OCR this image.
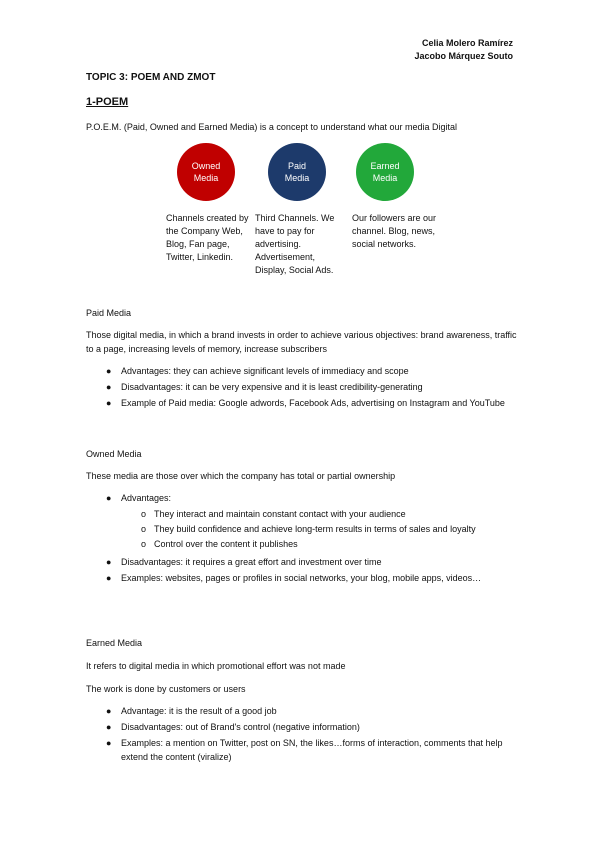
Celia Molero Ramírez
Jacobo Márquez Souto
TOPIC 3: POEM AND ZMOT
1-POEM
P.O.E.M. (Paid, Owned and Earned Media) is a concept to understand what our media Digital
Owned
Media
Paid
Media
Earned
Media
Channels created by the Company Web, Blog, Fan page, Twitter, Linkedin.
Third Channels. We have to pay for advertising. Advertisement, Display, Social Ads.
Our followers are our channel. Blog, news, social networks.
Paid Media
Those digital media, in which a brand invests in order to achieve various objectives: brand awareness, traffic to a page, increasing levels of memory, increase subscribers
● Advantages: they can achieve significant levels of immediacy and scope
● Disadvantages: it can be very expensive and it is least credibility-generating
● Example of Paid media: Google adwords, Facebook Ads, advertising on Instagram and YouTube
Owned Media
These media are those over which the company has total or partial ownership
● Advantages:
o They interact and maintain constant contact with your audience
o They build confidence and achieve long-term results in terms of sales and loyalty
o Control over the content it publishes
● Disadvantages: it requires a great effort and investment over time
● Examples: websites, pages or profiles in social networks, your blog, mobile apps, videos…
Earned Media
It refers to digital media in which promotional effort was not made
The work is done by customers or users
● Advantage: it is the result of a good job
● Disadvantages: out of Brand's control (negative information)
● Examples: a mention on Twitter, post on SN, the likes…forms of interaction, comments that help extend the content (viralize)
